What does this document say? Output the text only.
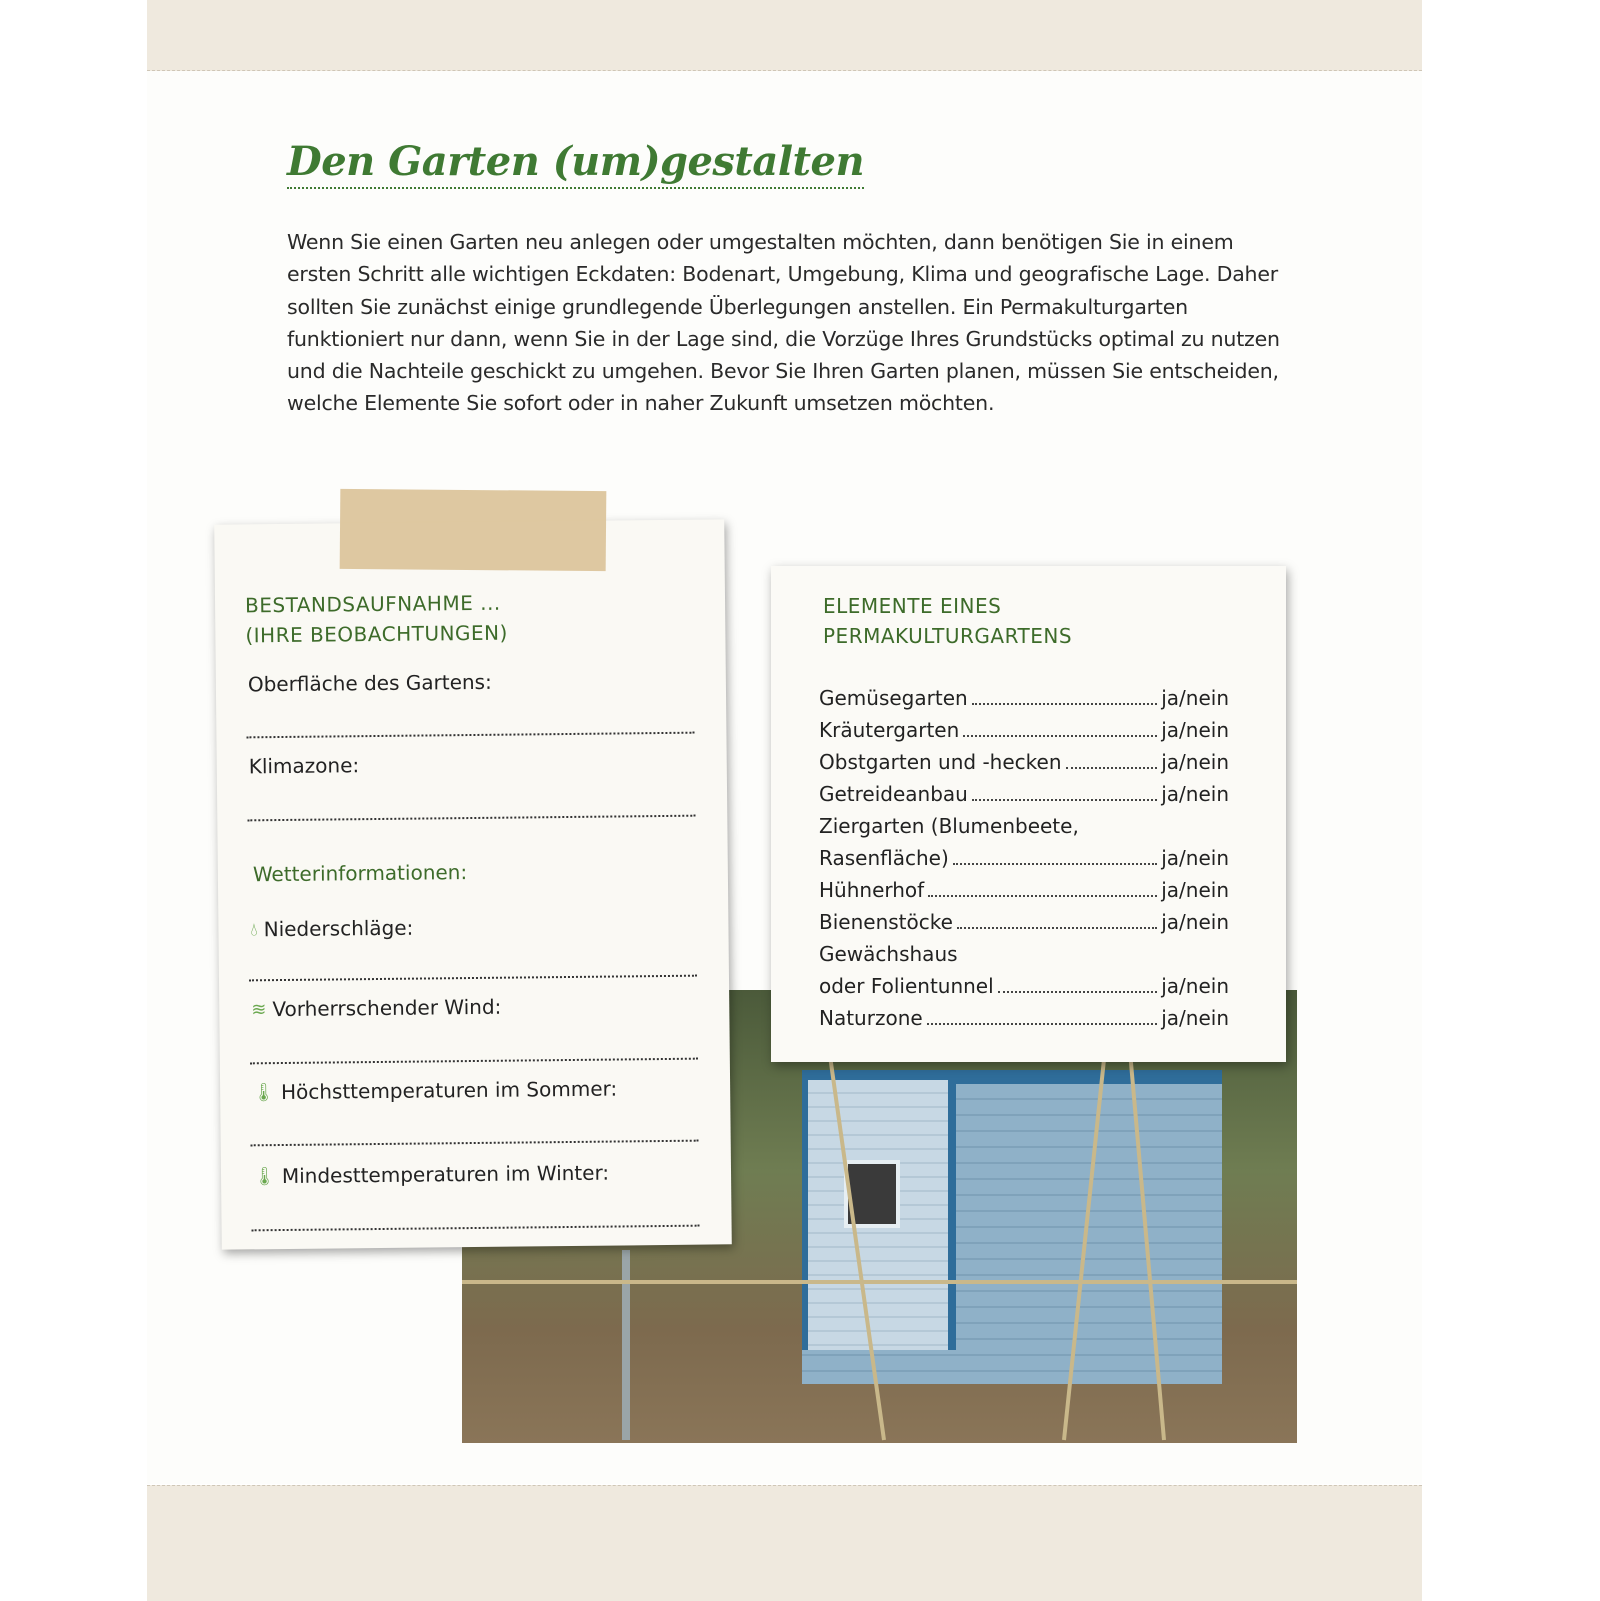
Den Garten (um)gestalten

Wenn Sie einen Garten neu anlegen oder umgestalten möchten, dann benötigen Sie in einem ersten Schritt alle wichtigen Eckdaten: Bodenart, Umgebung, Klima und geografische Lage. Daher sollten Sie zunächst einige grundlegende Überlegungen anstellen. Ein Permakulturgarten funktioniert nur dann, wenn Sie in der Lage sind, die Vorzüge Ihres Grundstücks optimal zu nutzen und die Nachteile geschickt zu umgehen. Bevor Sie Ihren Garten planen, müssen Sie entscheiden, welche Elemente Sie sofort oder in naher Zukunft umsetzen möchten.

BESTANDSAUFNAHME ...

(IHRE BEOBACHTUNGEN)

Oberfläche des Gartens:
Klimazone:
Wetterinformationen:
💧︎ Niederschläge:
≋ Vorherrschender Wind:
🌡︎ Höchsttemperaturen im Sommer:
🌡︎ Mindesttemperaturen im Winter:

ELEMENTE EINES

PERMAKULTURGARTENS

Gemüsegarten	ja/nein
Kräutergarten	ja/nein
Obstgarten und -hecken	ja/nein
Getreideanbau	ja/nein
Ziergarten (Blumenbeete,
Rasenfläche)	ja/nein
Hühnerhof	ja/nein
Bienenstöcke	ja/nein
Gewächshaus
oder Folientunnel	ja/nein
Naturzone	ja/nein
